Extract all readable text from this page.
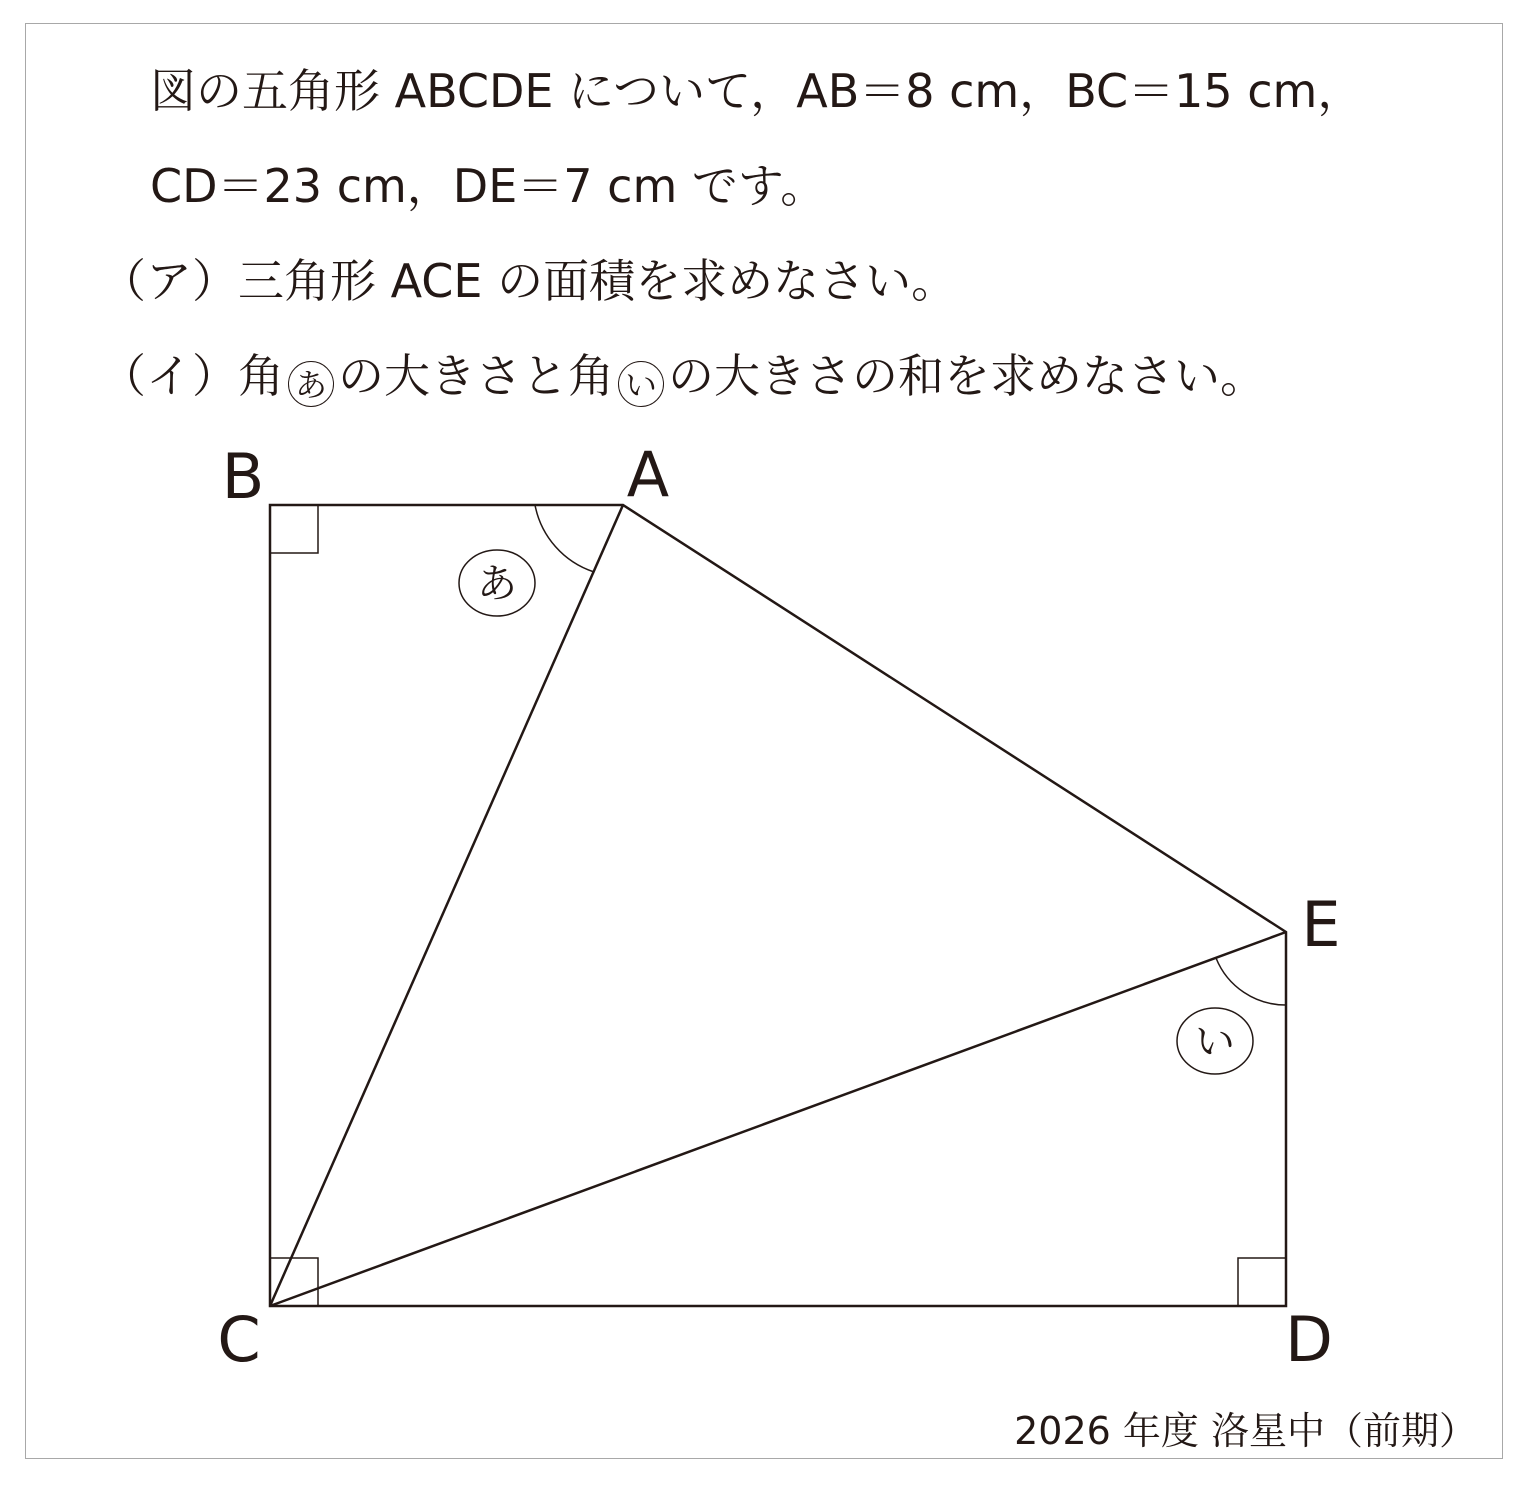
図の五角形 ABCDE について，AB＝8 cm，BC＝15 cm，
CD＝23 cm，DE＝7 cm です。
（ア）三角形 ACE の面積を求めなさい。
（イ）角 あ の大きさと角 い の大きさの和を求めなさい。
B	A
E
C	D
あ
い
2026 年度 洛星中（前期）
